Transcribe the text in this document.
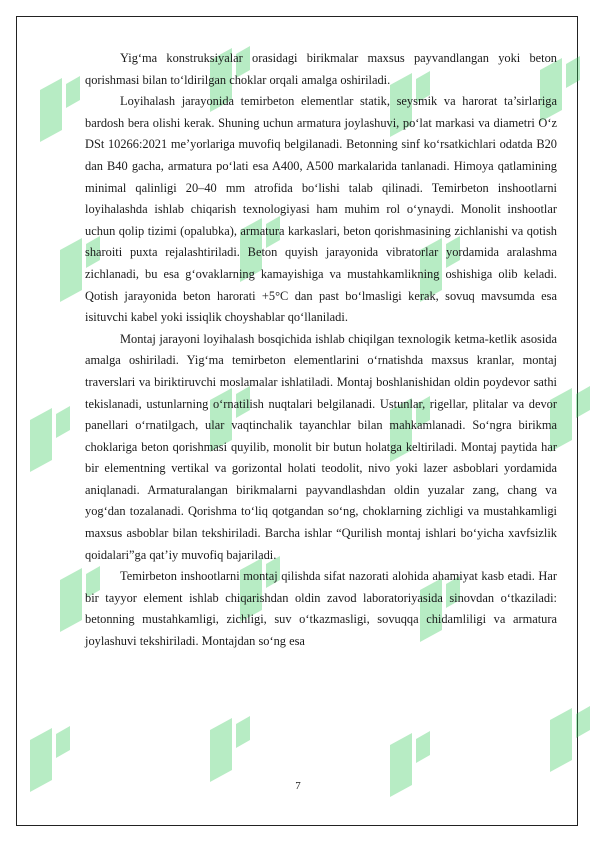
Yig‘ma konstruksiyalar orasidagi birikmalar maxsus payvandlangan yoki beton qorishmasi bilan to‘ldirilgan choklar orqali amalga oshiriladi.

Loyihalash jarayonida temirbeton elementlar statik, seysmik va harorat ta’sirlariga bardosh bera olishi kerak. Shuning uchun armatura joylashuvi, po‘lat markasi va diametri O‘z DSt 10266:2021 me’yorlariga muvofiq belgilanadi. Betonning sinf ko‘rsatkichlari odatda B20 dan B40 gacha, armatura po‘lati esa A400, A500 markalarida tanlanadi. Himoya qatlamining minimal qalinligi 20–40 mm atrofida bo‘lishi talab qilinadi. Temirbeton inshootlarni loyihalashda ishlab chiqarish texnologiyasi ham muhim rol o‘ynaydi. Monolit inshootlar uchun qolip tizimi (opalubka), armatura karkaslari, beton qorishmasining zichlanishi va qotish sharoiti puxta rejalashtiriladi. Beton quyish jarayonida vibratorlar yordamida aralashma zichlanadi, bu esa g‘ovaklarning kamayishiga va mustahkamlikning oshishiga olib keladi. Qotish jarayonida beton harorati +5°C dan past bo‘lmasligi kerak, sovuq mavsumda esa isituvchi kabel yoki issiqlik choyshablar qo‘llaniladi.

Montaj jarayoni loyihalash bosqichida ishlab chiqilgan texnologik ketma-ketlik asosida amalga oshiriladi. Yig‘ma temirbeton elementlarini o‘rnatishda maxsus kranlar, montaj traverslari va biriktiruvchi moslamalar ishlatiladi. Montaj boshlanishidan oldin poydevor sathi tekislanadi, ustunlarning o‘rnatilish nuqtalari belgilanadi. Ustunlar, rigellar, plitalar va devor panellari o‘rnatilgach, ular vaqtinchalik tayanchlar bilan mahkamlanadi. So‘ngra birikma choklariga beton qorishmasi quyilib, monolit bir butun holatga keltiriladi. Montaj paytida har bir elementning vertikal va gorizontal holati teodolit, nivo yoki lazer asboblari yordamida aniqlanadi. Armaturalangan birikmalarni payvandlashdan oldin yuzalar zang, chang va yog‘dan tozalanadi. Qorishma to‘liq qotgandan so‘ng, choklarning zichligi va mustahkamligi maxsus asboblar bilan tekshiriladi. Barcha ishlar “Qurilish montaj ishlari bo‘yicha xavfsizlik qoidalari”ga qat’iy muvofiq bajariladi.

Temirbeton inshootlarni montaj qilishda sifat nazorati alohida ahamiyat kasb etadi. Har bir tayyor element ishlab chiqarishdan oldin zavod laboratoriyasida sinovdan o‘tkaziladi: betonning mustahkamligi, zichligi, suv o‘tkazmasligi, sovuqqa chidamliligi va armatura joylashuvi tekshiriladi. Montajdan so‘ng esa

7
